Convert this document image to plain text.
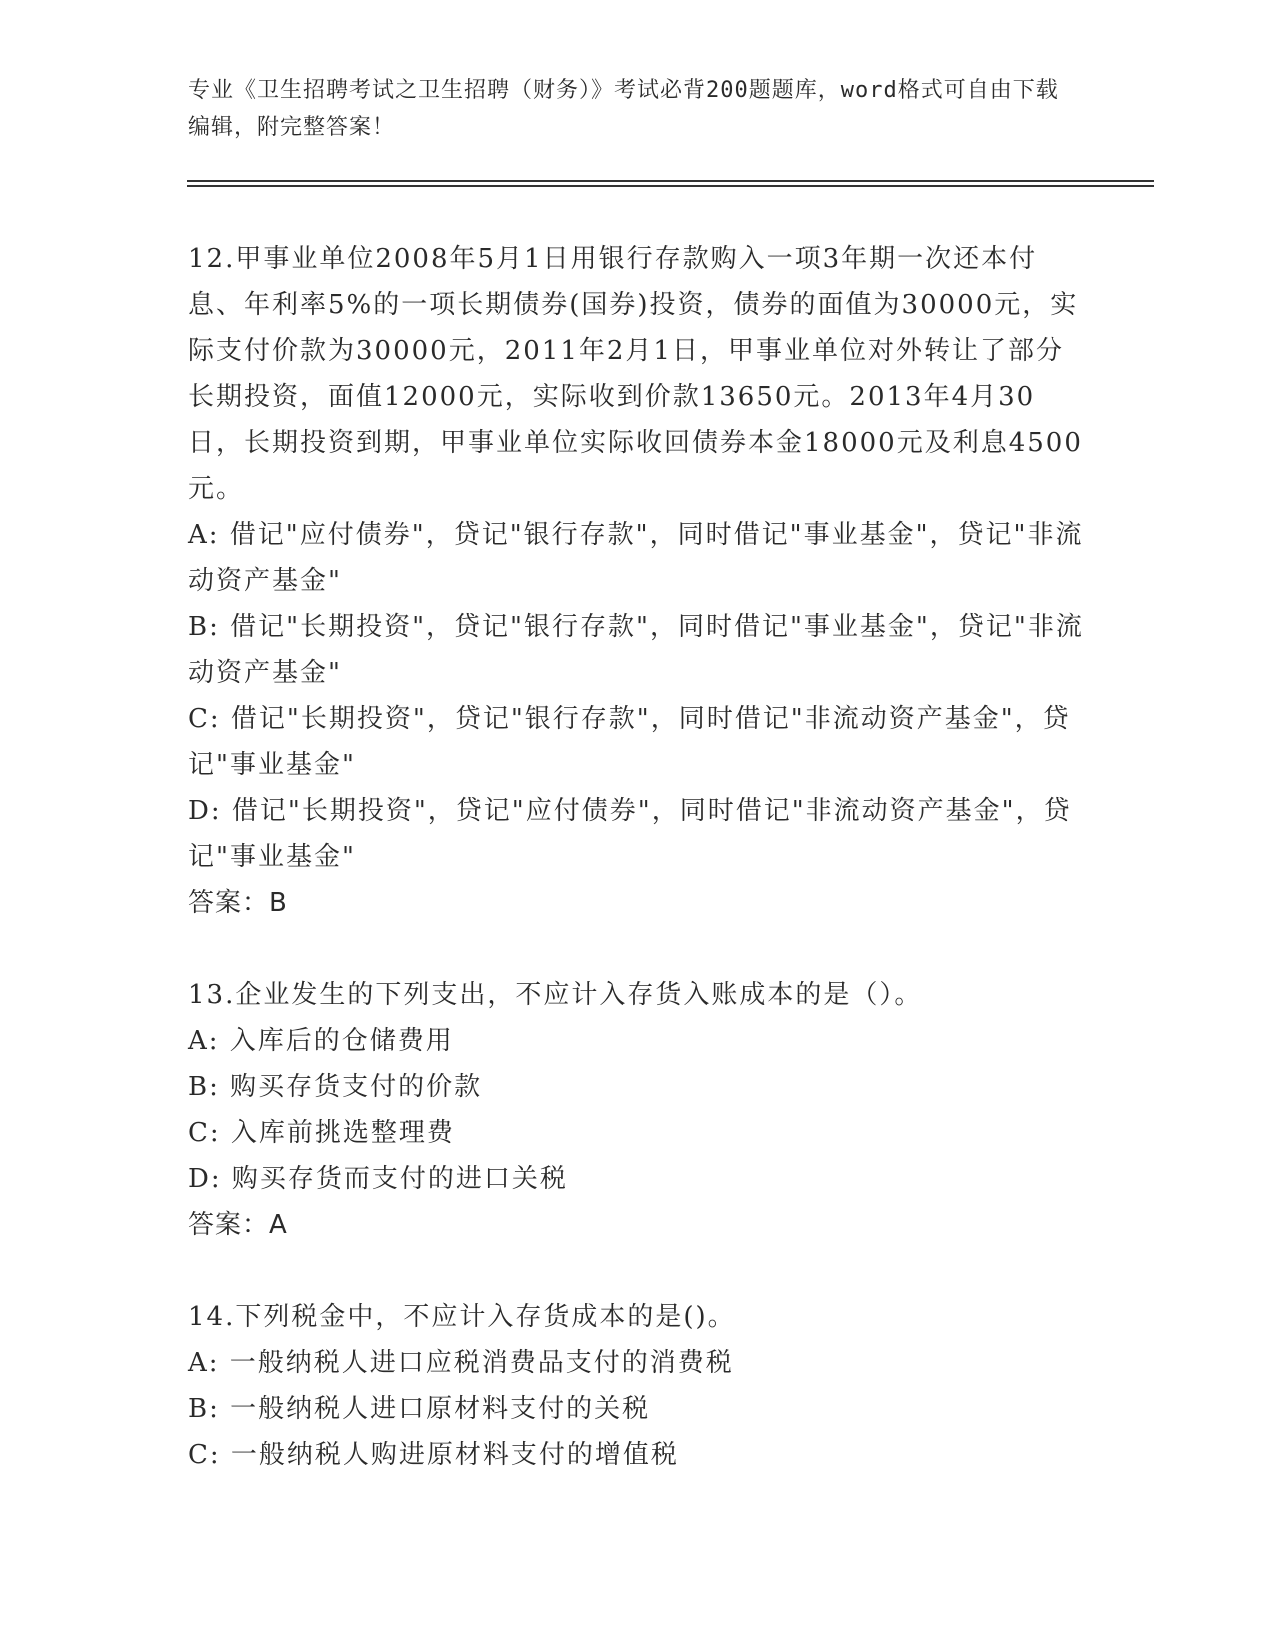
专业《卫生招聘考试之卫生招聘（财务）》考试必背200题题库，word格式可自由下载编辑，附完整答案！

12.甲事业单位2008年5月1日用银行存款购入一项3年期一次还本付息、年利率5%的一项长期债券(国券)投资，债券的面值为30000元，实际支付价款为30000元，2011年2月1日，甲事业单位对外转让了部分长期投资，面值12000元，实际收到价款13650元。2013年4月30日，长期投资到期，甲事业单位实际收回债券本金18000元及利息4500元。

A: 借记"应付债券"，贷记"银行存款"，同时借记"事业基金"，贷记"非流动资产基金"

B: 借记"长期投资"，贷记"银行存款"，同时借记"事业基金"，贷记"非流动资产基金"

C: 借记"长期投资"，贷记"银行存款"，同时借记"非流动资产基金"，贷记"事业基金"

D: 借记"长期投资"，贷记"应付债券"，同时借记"非流动资产基金"，贷记"事业基金"

答案：B

13.企业发生的下列支出，不应计入存货入账成本的是（）。

A: 入库后的仓储费用

B: 购买存货支付的价款

C: 入库前挑选整理费

D: 购买存货而支付的进口关税

答案：A

14.下列税金中，不应计入存货成本的是()。

A: 一般纳税人进口应税消费品支付的消费税

B: 一般纳税人进口原材料支付的关税

C: 一般纳税人购进原材料支付的增值税
